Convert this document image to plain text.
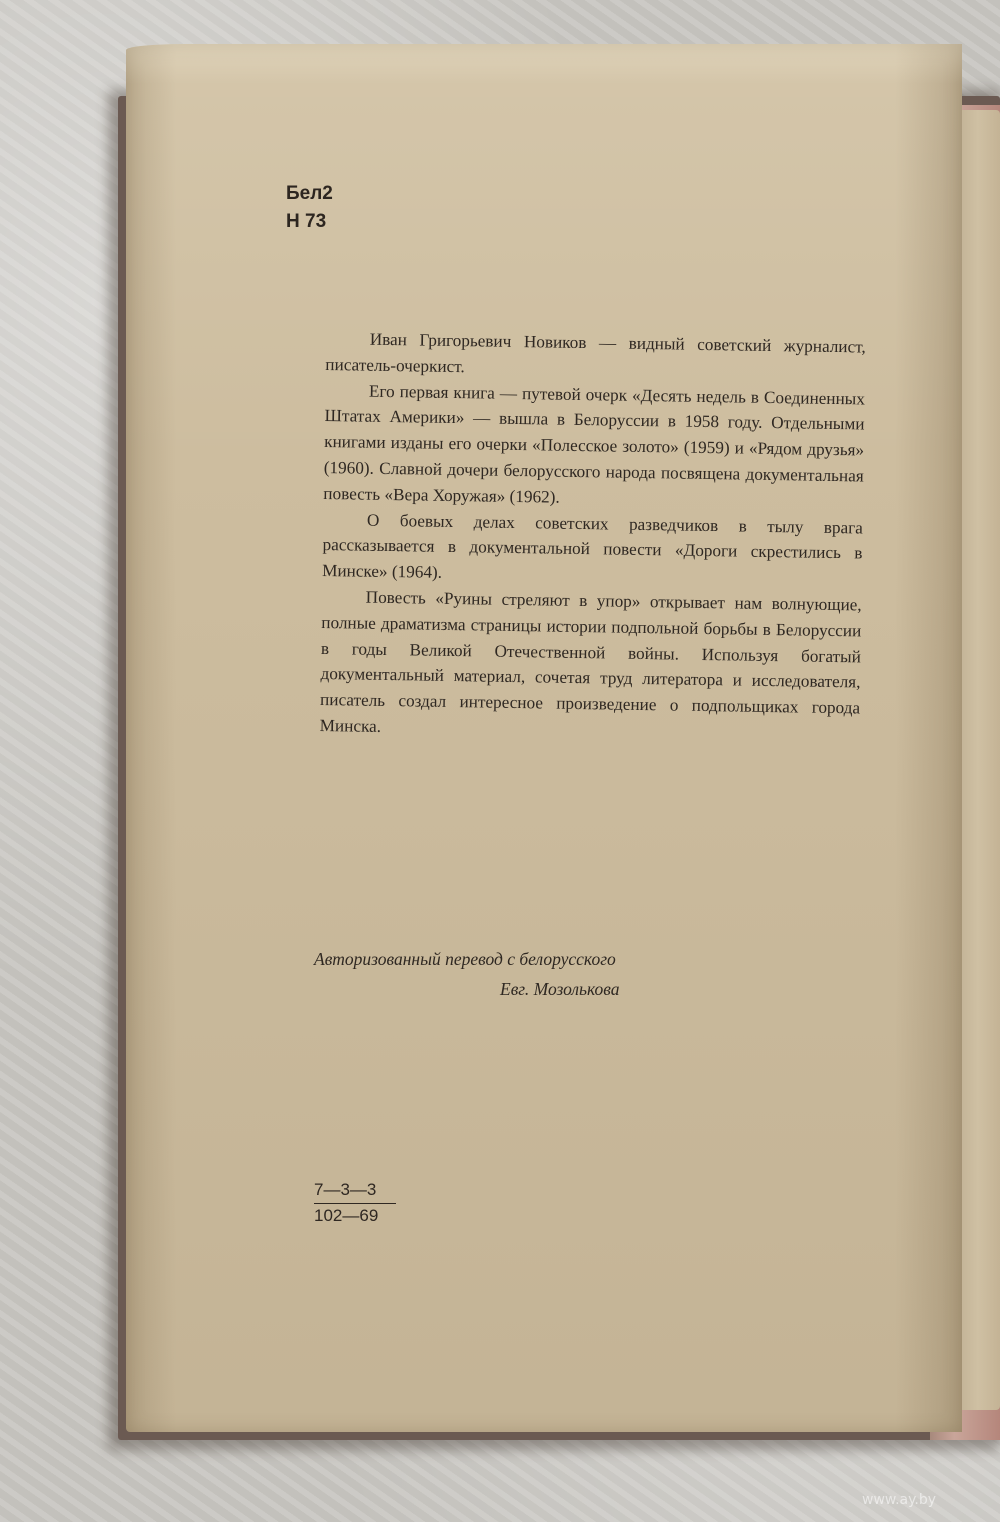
Бел2
Н 73

Иван Григорьевич Новиков — видный советский журналист, писатель-очеркист.

Его первая книга — путевой очерк «Десять недель в Соединенных Штатах Америки» — вышла в Белоруссии в 1958 году. Отдельными книгами изданы его очерки «Полесское золото» (1959) и «Рядом друзья» (1960). Славной дочери белорусского народа посвящена документальная повесть «Вера Хоружая» (1962).

О боевых делах советских разведчиков в тылу врага рассказывается в документальной повести «Дороги скрестились в Минске» (1964).

Повесть «Руины стреляют в упор» открывает нам волнующие, полные драматизма страницы истории подпольной борьбы в Белоруссии в годы Великой Отечественной войны. Используя богатый документальный материал, сочетая труд литератора и исследователя, писатель создал интересное произведение о подпольщиках города Минска.

Авторизованный перевод с белорусского
Евг. Мозолькова
$\frac{7—3—3}{102—69}$
www.ay.by
